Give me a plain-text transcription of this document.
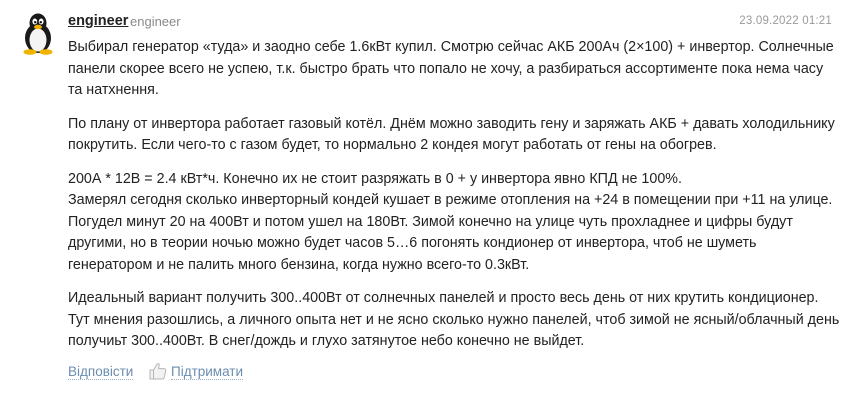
engineer engineer	23.09.2022 01:21

Выбирал генератор «туда» и заодно себе 1.6кВт купил. Смотрю сейчас АКБ 200Ач (2×100) + инвертор. Солнечные
панели скорее всего не успею, т.к. быстро брать что попало не хочу, а разбираться ассортименте пока нема часу
та натхнення.

По плану от инвертора работает газовый котёл. Днём можно заводить гену и заряжать АКБ + давать холодильнику
покрутить. Если чего-то с газом будет, то нормально 2 кондея могут работать от гены на обогрев.

200А * 12В = 2.4 кВт*ч. Конечно их не стоит разряжать в 0 + у инвертора явно КПД не 100%.
Замерял сегодня сколько инверторный кондей кушает в режиме отопления на +24 в помещении при +11 на улице.
Погудел минут 20 на 400Вт и потом ушел на 180Вт. Зимой конечно на улице чуть прохладнее и цифры будут
другими, но в теории ночью можно будет часов 5…6 погонять кондионер от инвертора, чтоб не шуметь
генератором и не палить много бензина, когда нужно всего-то 0.3кВт.

Идеальный вариант получить 300..400Вт от солнечных панелей и просто весь день от них крутить кондиционер.
Тут мнения разошлись, а личного опыта нет и не ясно сколько нужно панелей, чтоб зимой не ясный/облачный день
получиьт 300..400Вт. В снег/дождь и глухо затянутое небо конечно не выйдет.

Відповісти	Підтримати
